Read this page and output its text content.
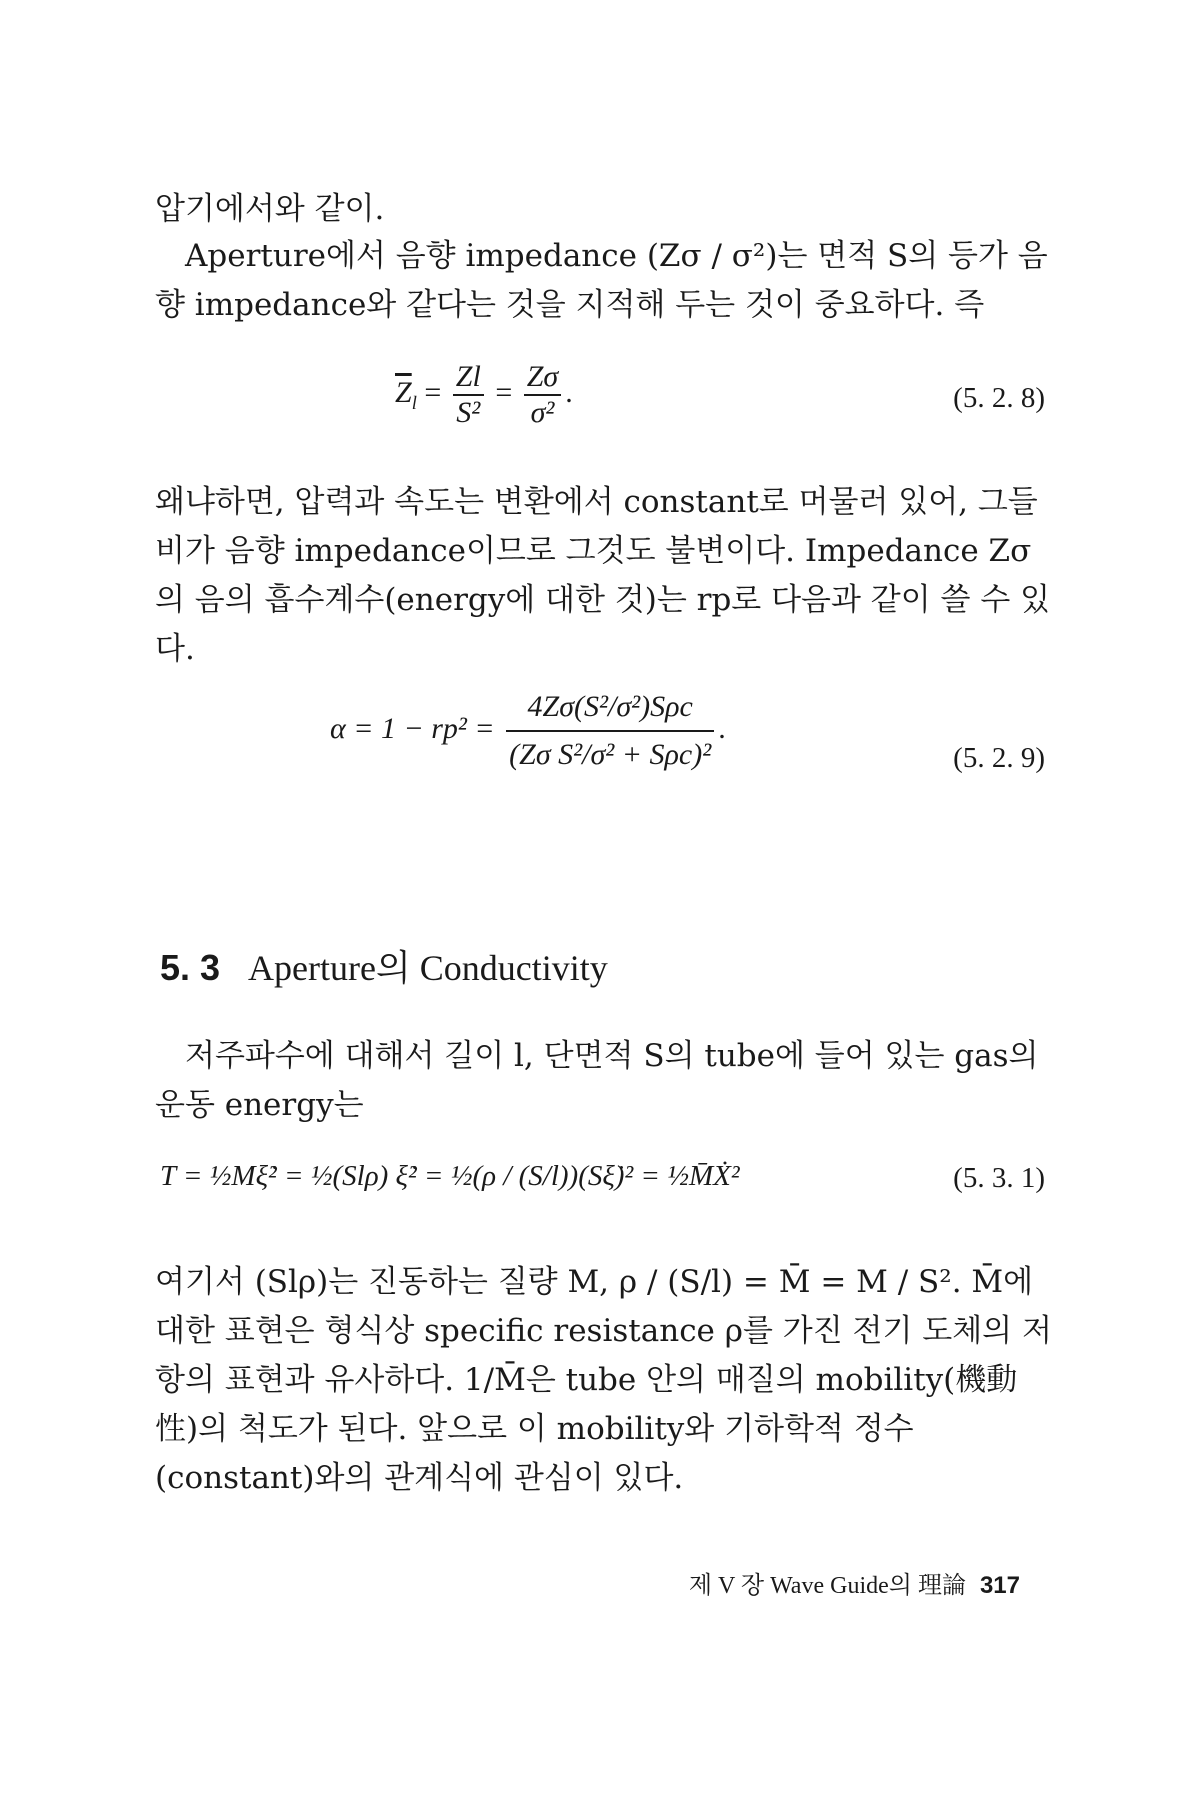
압기에서와 같이.

Aperture에서 음향 impedance (Zσ / σ²)는 면적 S의 등가 음향 impedance와 같다는 것을 지적해 두는 것이 중요하다. 즉

$\overline{Z}_l = \frac{Zl}{\text{S²}} = \frac{Z\sigma}{\text{σ²}}$ .	(5. 2. 8)

왜냐하면, 압력과 속도는 변환에서 constant로 머물러 있어, 그들 비가 음향 impedance이므로 그것도 불변이다. Impedance Zσ의 음의 흡수계수(energy에 대한 것)는 rp로 다음과 같이 쓸 수 있다.

$\alpha = 1 - rp^2 = \frac{\text{4Zσ(S²/σ²)Sρc}}{\text{(Zσ S²/σ² + Sρc)²}}$ .
(5. 2. 9)
5. 3 Aperture의 Conductivity

저주파수에 대해서 길이 l, 단면적 S의 tube에 들어 있는 gas의 운동 energy는

T = ½Mξ̇² = ½(Slρ) ξ̇² = ½(ρ / (S/l))(Sξ̇)² = ½M̄Ẋ²	(5. 3. 1)

여기서 (Slρ)는 진동하는 질량 M, ρ / (S/l) = M̄ = M / S². M̄에 대한 표현은 형식상 specific resistance ρ를 가진 전기 도체의 저항의 표현과 유사하다. 1/M̄은 tube 안의 매질의 mobility(機動性)의 척도가 된다. 앞으로 이 mobility와 기하학적 정수(constant)와의 관계식에 관심이 있다.

제 V 장 Wave Guide의 理論 317
